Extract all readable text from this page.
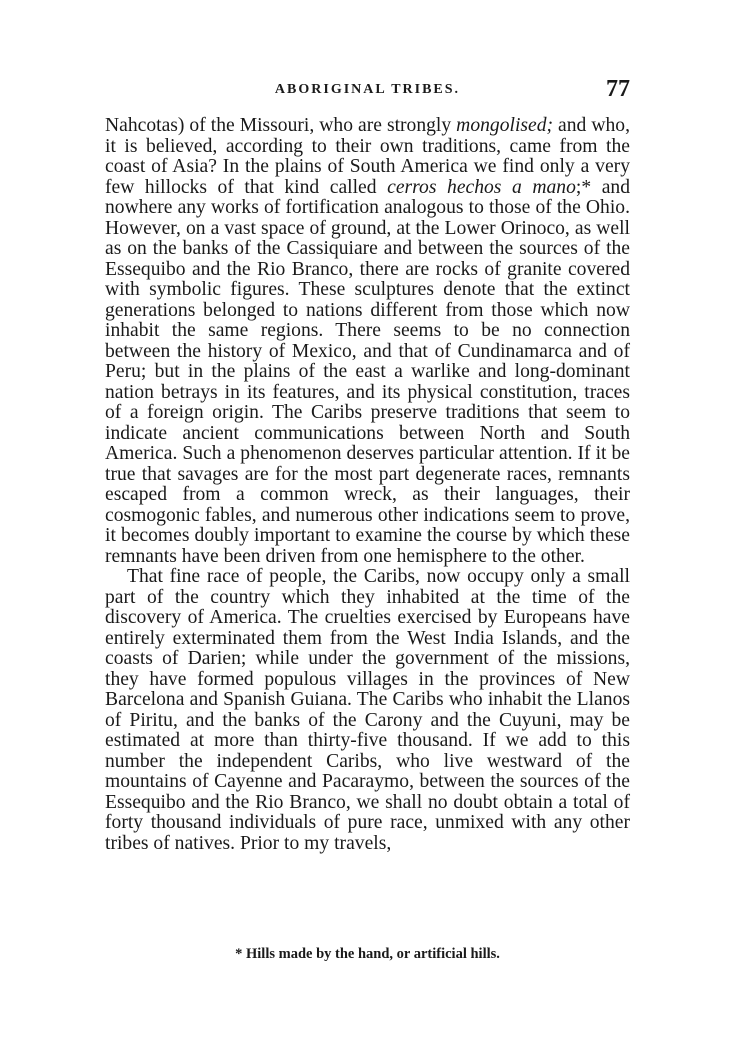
ABORIGINAL TRIBES.	77

Nahcotas) of the Missouri, who are strongly mongolised; and who, it is believed, according to their own traditions, came from the coast of Asia? In the plains of South America we find only a very few hillocks of that kind called cerros hechos a mano;* and nowhere any works of fortification analogous to those of the Ohio. However, on a vast space of ground, at the Lower Orinoco, as well as on the banks of the Cassiquiare and between the sources of the Essequibo and the Rio Branco, there are rocks of granite covered with symbolic figures. These sculptures denote that the extinct generations belonged to nations different from those which now inhabit the same regions. There seems to be no connection between the history of Mexico, and that of Cundinamarca and of Peru; but in the plains of the east a warlike and long-dominant nation betrays in its features, and its physical constitution, traces of a foreign origin. The Caribs preserve traditions that seem to indicate ancient communications between North and South America. Such a phenomenon deserves particular attention. If it be true that savages are for the most part degenerate races, remnants escaped from a common wreck, as their languages, their cosmogonic fables, and numerous other indications seem to prove, it becomes doubly important to examine the course by which these remnants have been driven from one hemisphere to the other.

That fine race of people, the Caribs, now occupy only a small part of the country which they inhabited at the time of the discovery of America. The cruelties exercised by Europeans have entirely exterminated them from the West India Islands, and the coasts of Darien; while under the government of the missions, they have formed populous villages in the provinces of New Barcelona and Spanish Guiana. The Caribs who inhabit the Llanos of Piritu, and the banks of the Carony and the Cuyuni, may be estimated at more than thirty-five thousand. If we add to this number the independent Caribs, who live westward of the mountains of Cayenne and Pacaraymo, between the sources of the Essequibo and the Rio Branco, we shall no doubt obtain a total of forty thousand individuals of pure race, unmixed with any other tribes of natives. Prior to my travels,

* Hills made by the hand, or artificial hills.
